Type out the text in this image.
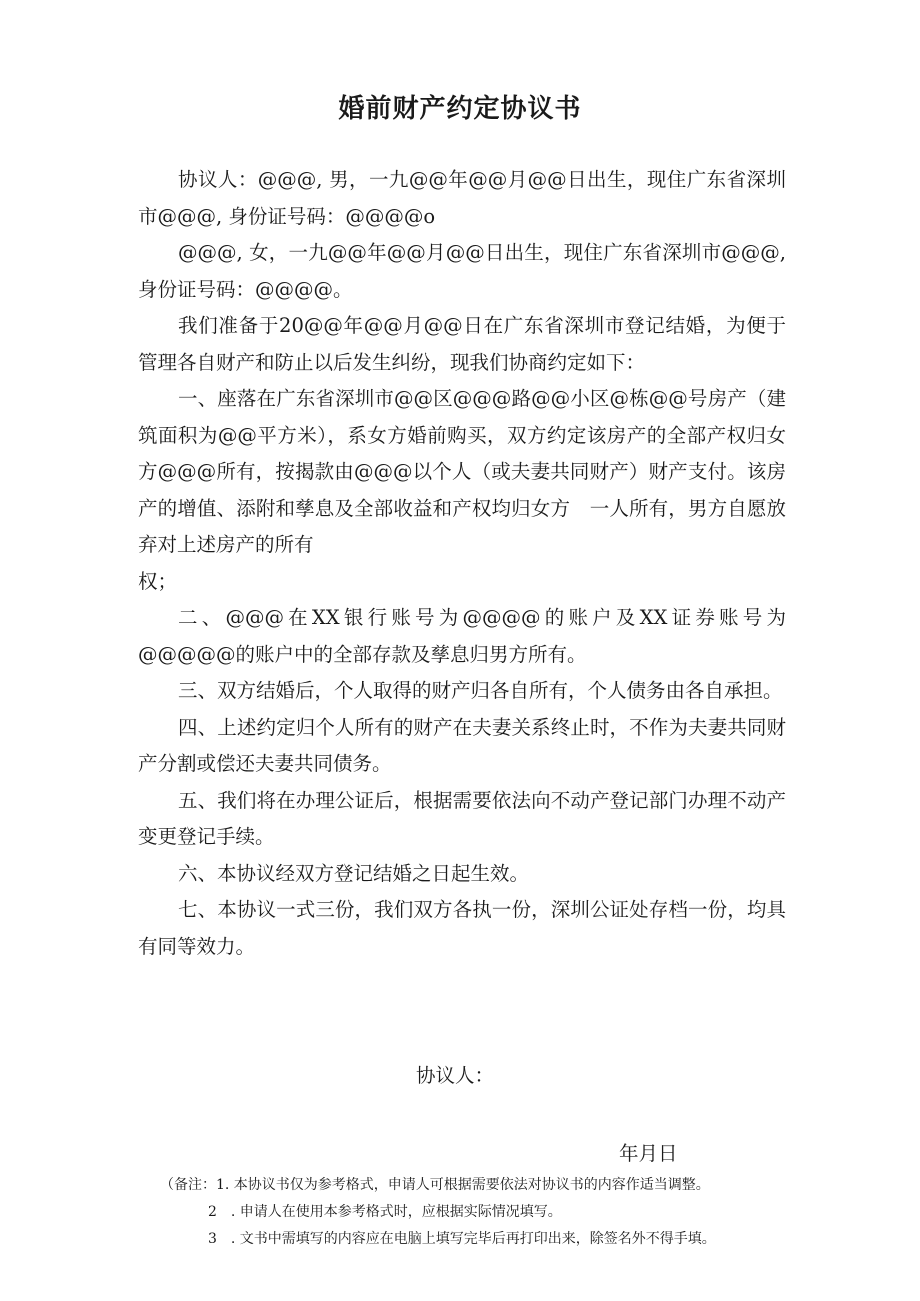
婚前财产约定协议书

协议人：@@@, 男，一九@@年@@月@@日出生，现住广东省深圳市@@@, 身份证号码：@@@@o

@@@, 女，一九@@年@@月@@日出生，现住广东省深圳市@@@, 身份证号码：@@@@。

我们准备于20@@年@@月@@日在广东省深圳市登记结婚，为便于管理各自财产和防止以后发生纠纷，现我们协商约定如下：

一、座落在广东省深圳市@@区@@@路@@小区@栋@@号房产（建筑面积为@@平方米），系女方婚前购买，双方约定该房产的全部产权归女方@@@所有，按揭款由@@@以个人（或夫妻共同财产）财产支付。该房产的增值、添附和孳息及全部收益和产权均归女方　一人所有，男方自愿放弃对上述房产的所有

权；

二、@@@在XX银行账号为@@@@的账户及XX证券账号为@@@@@的账户中的全部存款及孳息归男方所有。

三、双方结婚后，个人取得的财产归各自所有，个人债务由各自承担。

四、上述约定归个人所有的财产在夫妻关系终止时，不作为夫妻共同财产分割或偿还夫妻共同债务。

五、我们将在办理公证后，根据需要依法向不动产登记部门办理不动产变更登记手续。

六、本协议经双方登记结婚之日起生效。

七、本协议一式三份，我们双方各执一份，深圳公证处存档一份，均具有同等效力。

协议人：
年月日
（备注：1. 本协议书仅为参考格式，申请人可根据需要依法对协议书的内容作适当调整。
2　. 申请人在使用本参考格式时，应根据实际情况填写。
3　. 文书中需填写的内容应在电脑上填写完毕后再打印出来，除签名外不得手填。
